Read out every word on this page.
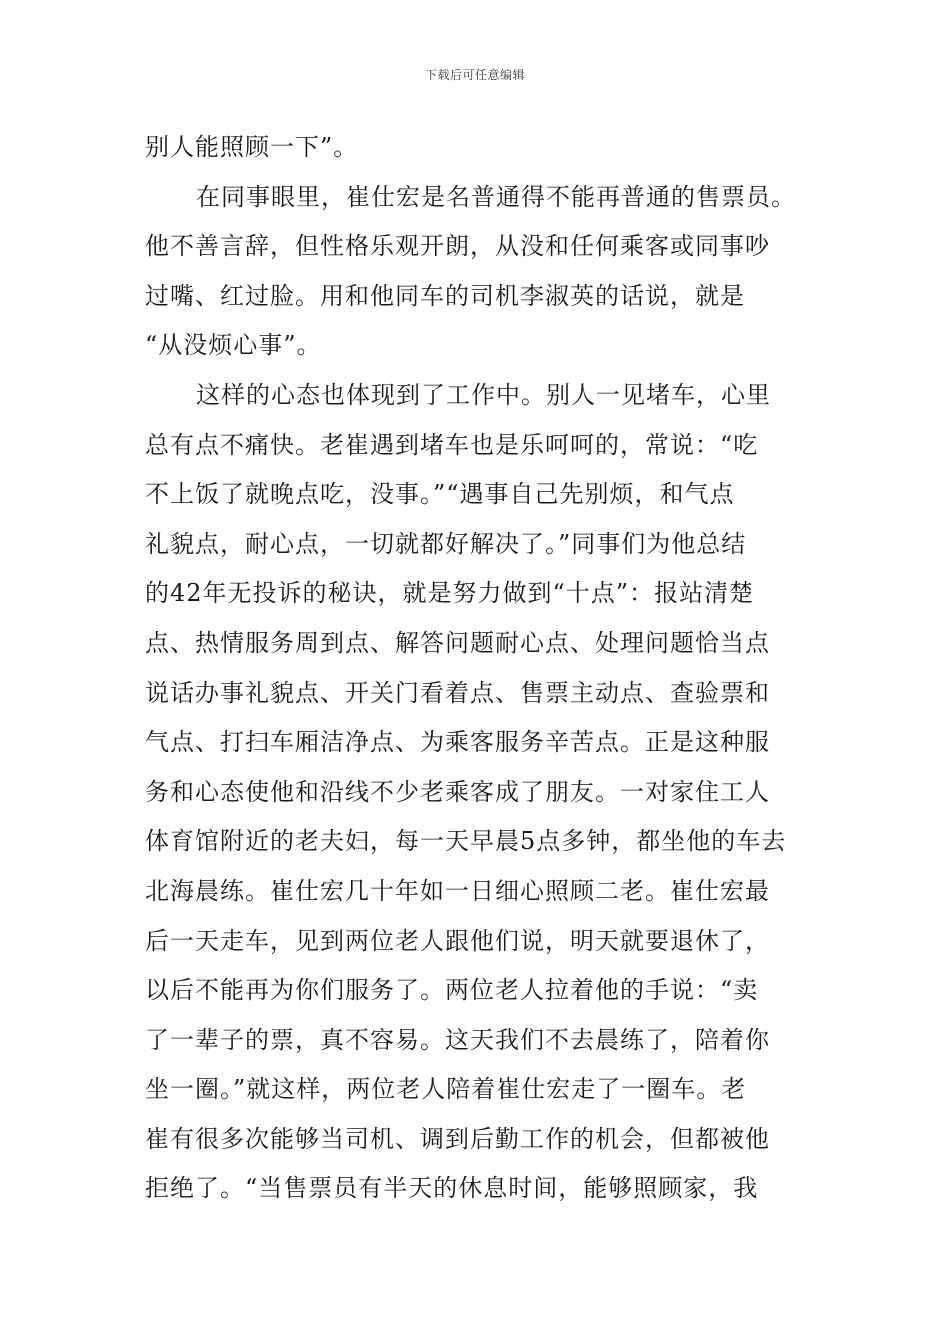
下载后可任意编辑
别人能照顾一下”。
在同事眼里，崔仕宏是名普通得不能再普通的售票员。
他不善言辞，但性格乐观开朗，从没和任何乘客或同事吵
过嘴、红过脸。用和他同车的司机李淑英的话说，就是
“从没烦心事”。
这样的心态也体现到了工作中。别人一见堵车，心里
总有点不痛快。老崔遇到堵车也是乐呵呵的，常说：“吃
不上饭了就晚点吃，没事。”“遇事自己先别烦，和气点
礼貌点，耐心点，一切就都好解决了。”同事们为他总结
的42年无投诉的秘诀，就是努力做到“十点”：报站清楚
点、热情服务周到点、解答问题耐心点、处理问题恰当点
说话办事礼貌点、开关门看着点、售票主动点、查验票和
气点、打扫车厢洁净点、为乘客服务辛苦点。正是这种服
务和心态使他和沿线不少老乘客成了朋友。一对家住工人
体育馆附近的老夫妇，每一天早晨5点多钟，都坐他的车去
北海晨练。崔仕宏几十年如一日细心照顾二老。崔仕宏最
后一天走车，见到两位老人跟他们说，明天就要退休了，
以后不能再为你们服务了。两位老人拉着他的手说：“卖
了一辈子的票，真不容易。这天我们不去晨练了，陪着你
坐一圈。”就这样，两位老人陪着崔仕宏走了一圈车。老
崔有很多次能够当司机、调到后勤工作的机会，但都被他
拒绝了。“当售票员有半天的休息时间，能够照顾家，我
